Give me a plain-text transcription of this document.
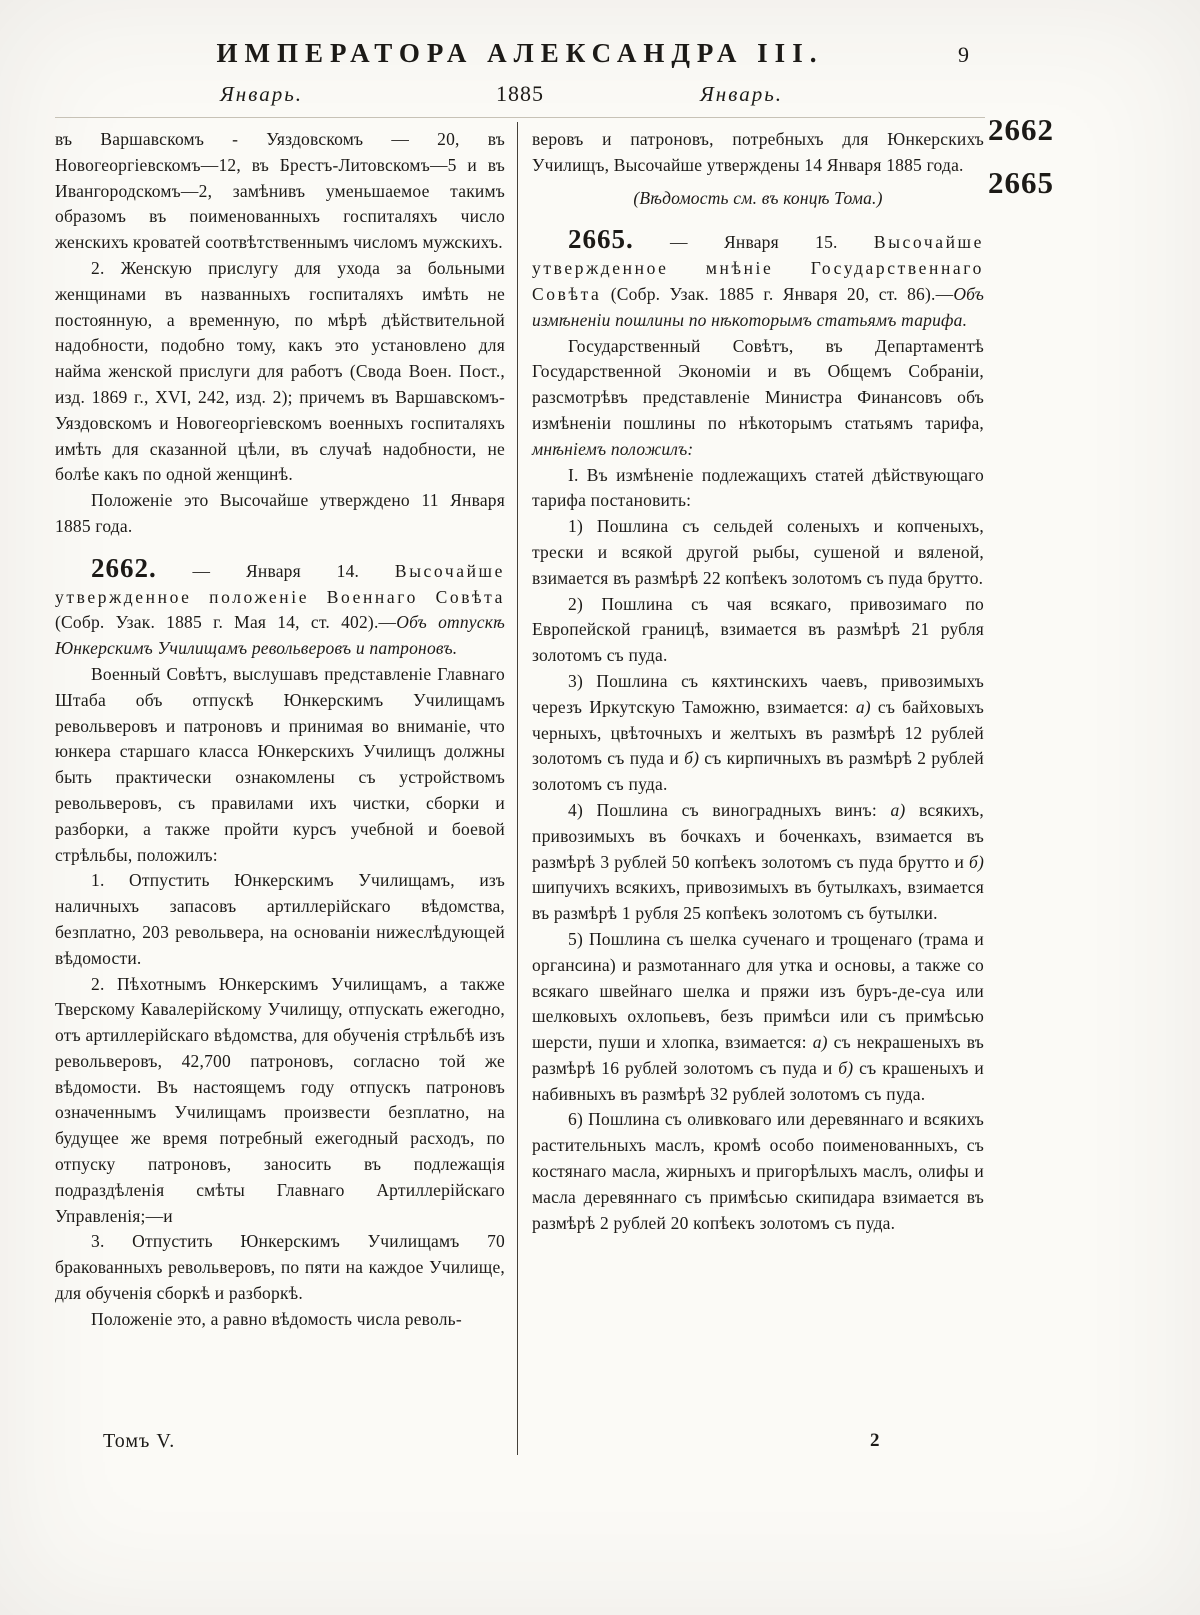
ИМПЕРАТОРА АЛЕКСАНДРА III.	9
Январь.	1885	Январь.

въ Варшавскомъ - Уяздовскомъ — 20, въ Новогеоргіевскомъ—12, въ Брестъ-Литовскомъ—5 и въ Ивангородскомъ—2, замѣнивъ уменьшаемое такимъ образомъ въ поименованныхъ госпиталяхъ число женскихъ кроватей соотвѣтственнымъ числомъ мужскихъ.

2. Женскую прислугу для ухода за больными женщинами въ названныхъ госпиталяхъ имѣть не постоянную, а временную, по мѣрѣ дѣйствительной надобности, подобно тому, какъ это установлено для найма женской прислуги для работъ (Свода Воен. Пост., изд. 1869 г., XVI, 242, изд. 2); причемъ въ Варшавскомъ-Уяздовскомъ и Новогеоргіевскомъ военныхъ госпиталяхъ имѣть для сказанной цѣли, въ случаѣ надобности, не болѣе какъ по одной женщинѣ.

Положеніе это Высочайше утверждено 11 Января 1885 года.

2662. — Января 14. Высочайше утвержденное положеніе Военнаго Совѣта (Собр. Узак. 1885 г. Мая 14, ст. 402).—Объ отпускѣ Юнкерскимъ Училищамъ револьверовъ и патроновъ.

Военный Совѣтъ, выслушавъ представленіе Главнаго Штаба объ отпускѣ Юнкерскимъ Училищамъ револьверовъ и патроновъ и принимая во вниманіе, что юнкера старшаго класса Юнкерскихъ Училищъ должны быть практически ознакомлены съ устройствомъ револьверовъ, съ правилами ихъ чистки, сборки и разборки, а также пройти курсъ учебной и боевой стрѣльбы, положилъ:

1. Отпустить Юнкерскимъ Училищамъ, изъ наличныхъ запасовъ артиллерійскаго вѣдомства, безплатно, 203 револьвера, на основаніи нижеслѣдующей вѣдомости.

2. Пѣхотнымъ Юнкерскимъ Училищамъ, а также Тверскому Кавалерійскому Училищу, отпускать ежегодно, отъ артиллерійскаго вѣдомства, для обученія стрѣльбѣ изъ револьверовъ, 42,700 патроновъ, согласно той же вѣдомости. Въ настоящемъ году отпускъ патроновъ означеннымъ Училищамъ произвести безплатно, на будущее же время потребный ежегодный расходъ, по отпуску патроновъ, заносить въ подлежащія подраздѣленія смѣты Главнаго Артиллерійскаго Управленія;—и

3. Отпустить Юнкерскимъ Училищамъ 70 бракованныхъ револьверовъ, по пяти на каждое Училище, для обученія сборкѣ и разборкѣ.

Положеніе это, а равно вѣдомость числа револь-

веровъ и патроновъ, потребныхъ для Юнкерскихъ Училищъ, Высочайше утверждены 14 Января 1885 года.

(Вѣдомость см. въ концѣ Тома.)

2665. — Января 15. Высочайше утвержденное мнѣніе Государственнаго Совѣта (Собр. Узак. 1885 г. Января 20, ст. 86).—Объ измѣненіи пошлины по нѣкоторымъ статьямъ тарифа.

Государственный Совѣтъ, въ Департаментѣ Государственной Экономіи и въ Общемъ Собраніи, разсмотрѣвъ представленіе Министра Финансовъ объ измѣненіи пошлины по нѣкоторымъ статьямъ тарифа, мнѣніемъ положилъ:

I. Въ измѣненіе подлежащихъ статей дѣйствующаго тарифа постановить:

1) Пошлина съ сельдей соленыхъ и копченыхъ, трески и всякой другой рыбы, сушеной и вяленой, взимается въ размѣрѣ 22 копѣекъ золотомъ съ пуда брутто.

2) Пошлина съ чая всякаго, привозимаго по Европейской границѣ, взимается въ размѣрѣ 21 рубля золотомъ съ пуда.

3) Пошлина съ кяхтинскихъ чаевъ, привозимыхъ черезъ Иркутскую Таможню, взимается: а) съ байховыхъ черныхъ, цвѣточныхъ и желтыхъ въ размѣрѣ 12 рублей золотомъ съ пуда и б) съ кирпичныхъ въ размѣрѣ 2 рублей золотомъ съ пуда.

4) Пошлина съ виноградныхъ винъ: а) всякихъ, привозимыхъ въ бочкахъ и боченкахъ, взимается въ размѣрѣ 3 рублей 50 копѣекъ золотомъ съ пуда брутто и б) шипучихъ всякихъ, привозимыхъ въ бутылкахъ, взимается въ размѣрѣ 1 рубля 25 копѣекъ золотомъ съ бутылки.

5) Пошлина съ шелка сученаго и трощенаго (трама и органсина) и размотаннаго для утка и основы, а также со всякаго швейнаго шелка и пряжи изъ буръ-де-суа или шелковыхъ охлопьевъ, безъ примѣси или съ примѣсью шерсти, пуши и хлопка, взимается: а) съ некрашеныхъ въ размѣрѣ 16 рублей золотомъ съ пуда и б) съ крашеныхъ и набивныхъ въ размѣрѣ 32 рублей золотомъ съ пуда.

6) Пошлина съ оливковаго или деревяннаго и всякихъ растительныхъ маслъ, кромѣ особо поименованныхъ, съ костянаго масла, жирныхъ и пригорѣлыхъ маслъ, олифы и масла деревяннаго съ примѣсью скипидара взимается въ размѣрѣ 2 рублей 20 копѣекъ золотомъ съ пуда.

2662
2665
Томъ V.	2
